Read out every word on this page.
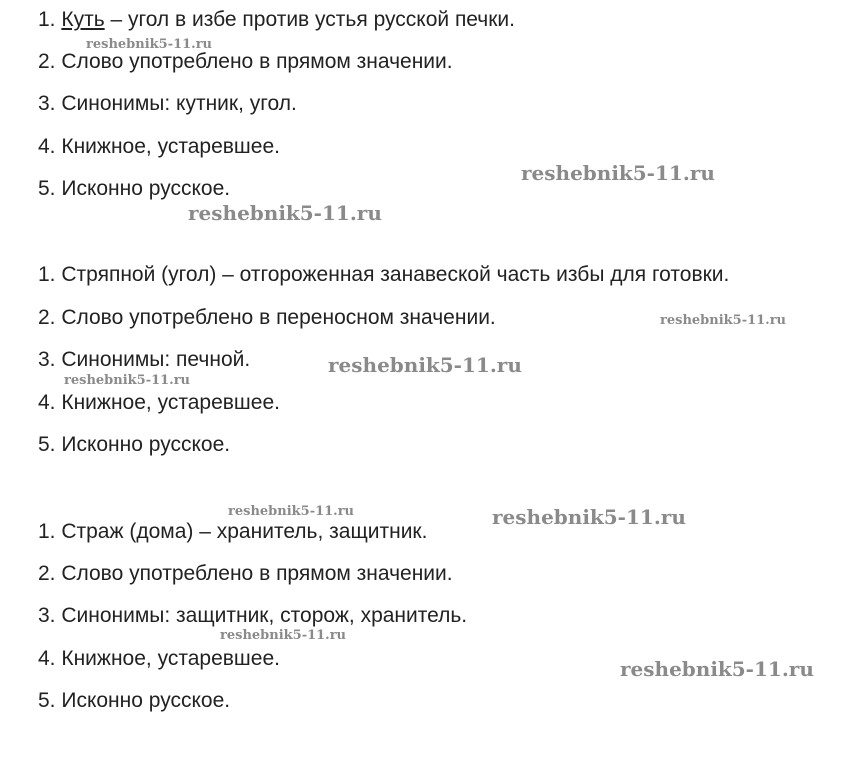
1. Куть – угол в избе против устья русской печки.
2. Слово употреблено в прямом значении.
3. Синонимы: кутник, угол.
4. Книжное, устаревшее.
5. Исконно русское.
1. Стряпной (угол) – отгороженная занавеской часть избы для готовки.
2. Слово употреблено в переносном значении.
3. Синонимы: печной.
4. Книжное, устаревшее.
5. Исконно русское.
1. Страж (дома) – хранитель, защитник.
2. Слово употреблено в прямом значении.
3. Синонимы: защитник, сторож, хранитель.
4. Книжное, устаревшее.
5. Исконно русское.
reshebnik5-11.ru
reshebnik5-11.ru
reshebnik5-11.ru
reshebnik5-11.ru
reshebnik5-11.ru
reshebnik5-11.ru
reshebnik5-11.ru	reshebnik5-11.ru
reshebnik5-11.ru
reshebnik5-11.ru
